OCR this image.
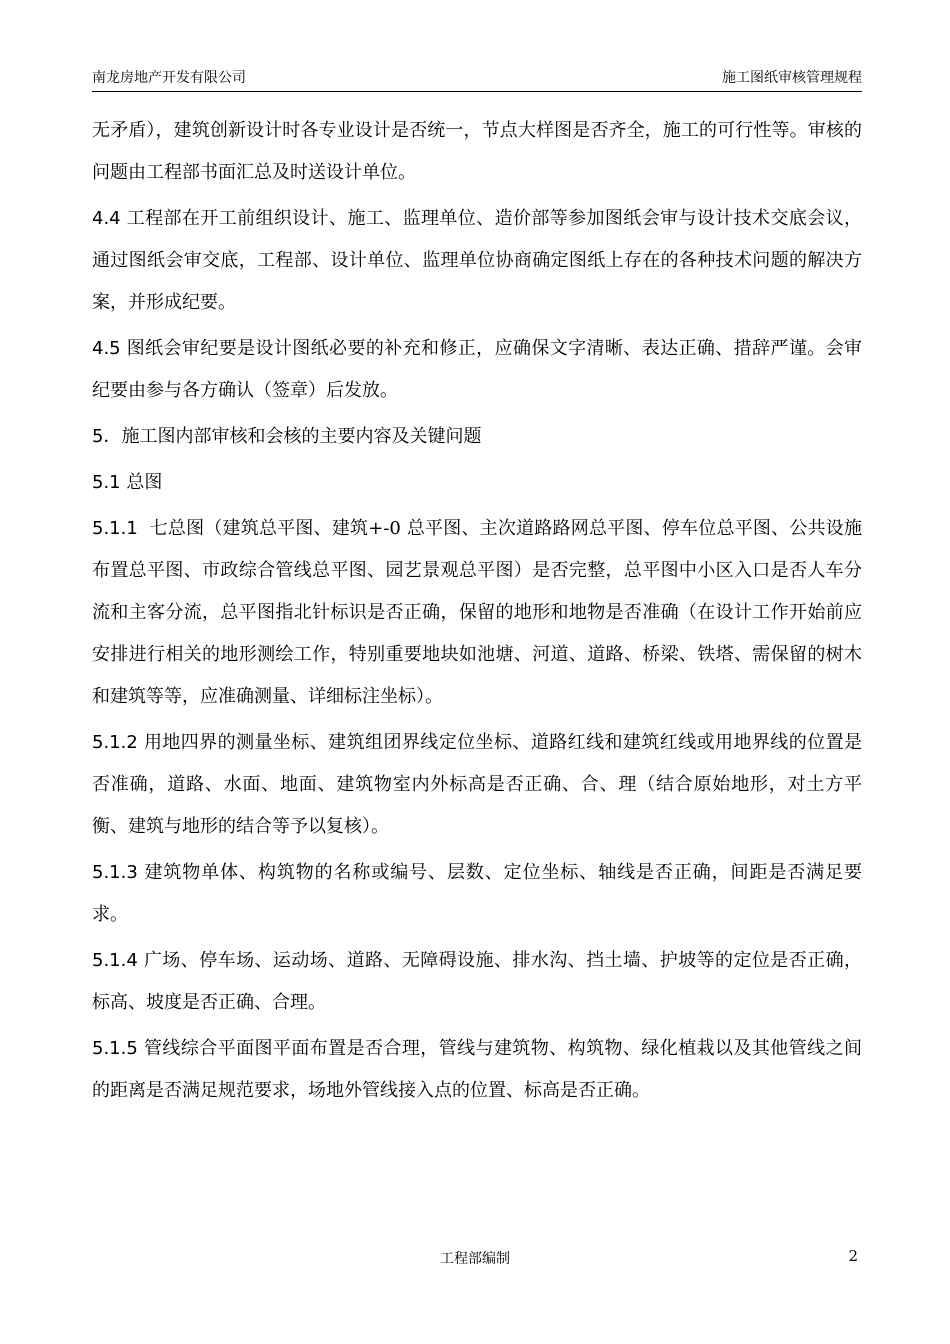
南龙房地产开发有限公司	施工图纸审核管理规程

无矛盾），建筑创新设计时各专业设计是否统一，节点大样图是否齐全，施工的可行性等。审核的问题由工程部书面汇总及时送设计单位。

4.4 工程部在开工前组织设计、施工、监理单位、造价部等参加图纸会审与设计技术交底会议，通过图纸会审交底，工程部、设计单位、监理单位协商确定图纸上存在的各种技术问题的解决方案，并形成纪要。

4.5 图纸会审纪要是设计图纸必要的补充和修正，应确保文字清晰、表达正确、措辞严谨。会审纪要由参与各方确认（签章）后发放。

5．施工图内部审核和会核的主要内容及关键问题

5.1 总图

5.1.1 七总图（建筑总平图、建筑+-0 总平图、主次道路路网总平图、停车位总平图、公共设施布置总平图、市政综合管线总平图、园艺景观总平图）是否完整，总平图中小区入口是否人车分流和主客分流，总平图指北针标识是否正确，保留的地形和地物是否准确（在设计工作开始前应安排进行相关的地形测绘工作，特别重要地块如池塘、河道、道路、桥梁、铁塔、需保留的树木和建筑等等，应准确测量、详细标注坐标）。

5.1.2 用地四界的测量坐标、建筑组团界线定位坐标、道路红线和建筑红线或用地界线的位置是否准确，道路、水面、地面、建筑物室内外标高是否正确、合、理（结合原始地形，对土方平衡、建筑与地形的结合等予以复核）。

5.1.3 建筑物单体、构筑物的名称或编号、层数、定位坐标、轴线是否正确，间距是否满足要求。

5.1.4 广场、停车场、运动场、道路、无障碍设施、排水沟、挡土墙、护坡等的定位是否正确，标高、坡度是否正确、合理。

5.1.5 管线综合平面图平面布置是否合理，管线与建筑物、构筑物、绿化植栽以及其他管线之间的距离是否满足规范要求，场地外管线接入点的位置、标高是否正确。

工程部编制	2
